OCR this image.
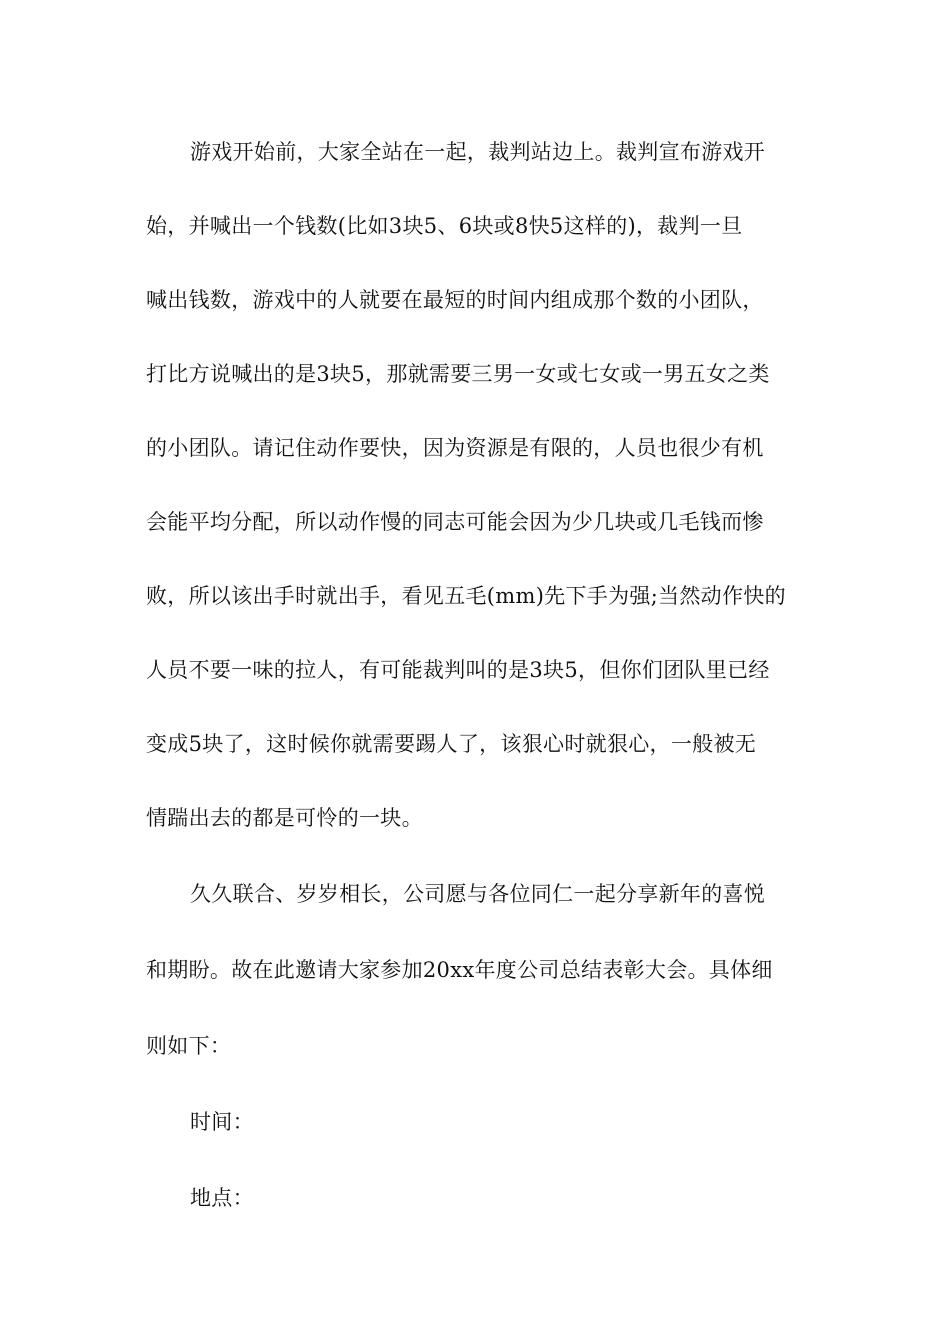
游戏开始前，大家全站在一起，裁判站边上。裁判宣布游戏开
始，并喊出一个钱数(比如3块5、6块或8快5这样的)，裁判一旦
喊出钱数，游戏中的人就要在最短的时间内组成那个数的小团队，
打比方说喊出的是3块5，那就需要三男一女或七女或一男五女之类
的小团队。请记住动作要快，因为资源是有限的，人员也很少有机
会能平均分配，所以动作慢的同志可能会因为少几块或几毛钱而惨
败，所以该出手时就出手，看见五毛(mm)先下手为强;当然动作快的
人员不要一味的拉人，有可能裁判叫的是3块5，但你们团队里已经
变成5块了，这时候你就需要踢人了，该狠心时就狠心，一般被无
情踹出去的都是可怜的一块。
久久联合、岁岁相长，公司愿与各位同仁一起分享新年的喜悦
和期盼。故在此邀请大家参加20xx年度公司总结表彰大会。具体细
则如下：
时间：
地点：
